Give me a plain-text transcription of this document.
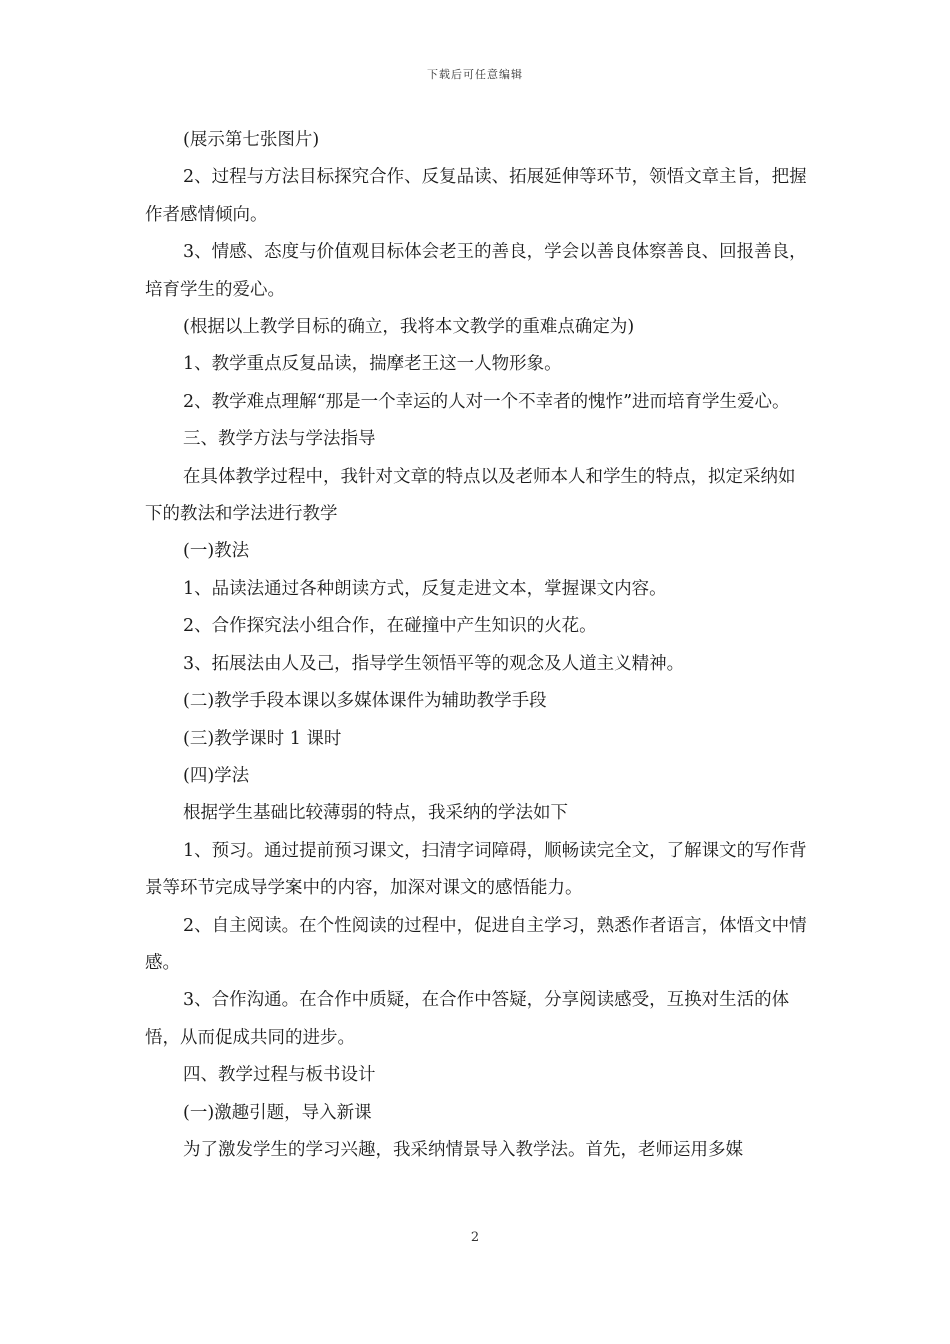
下载后可任意编辑

(展示第七张图片)

2、过程与方法目标探究合作、反复品读、拓展延伸等环节，领悟文章主旨，把握作者感情倾向。

3、情感、态度与价值观目标体会老王的善良，学会以善良体察善良、回报善良，培育学生的爱心。

(根据以上教学目标的确立，我将本文教学的重难点确定为)

1、教学重点反复品读，揣摩老王这一人物形象。

2、教学难点理解“那是一个幸运的人对一个不幸者的愧怍”进而培育学生爱心。

三、教学方法与学法指导

在具体教学过程中，我针对文章的特点以及老师本人和学生的特点，拟定采纳如下的教法和学法进行教学

(一)教法

1、品读法通过各种朗读方式，反复走进文本，掌握课文内容。

2、合作探究法小组合作，在碰撞中产生知识的火花。

3、拓展法由人及己，指导学生领悟平等的观念及人道主义精神。

(二)教学手段本课以多媒体课件为辅助教学手段

(三)教学课时 1 课时

(四)学法

根据学生基础比较薄弱的特点，我采纳的学法如下

1、预习。通过提前预习课文，扫清字词障碍，顺畅读完全文，了解课文的写作背景等环节完成导学案中的内容，加深对课文的感悟能力。

2、自主阅读。在个性阅读的过程中，促进自主学习，熟悉作者语言，体悟文中情感。

3、合作沟通。在合作中质疑，在合作中答疑，分享阅读感受，互换对生活的体悟，从而促成共同的进步。

四、教学过程与板书设计

(一)激趣引题，导入新课

为了激发学生的学习兴趣，我采纳情景导入教学法。首先，老师运用多媒

2
